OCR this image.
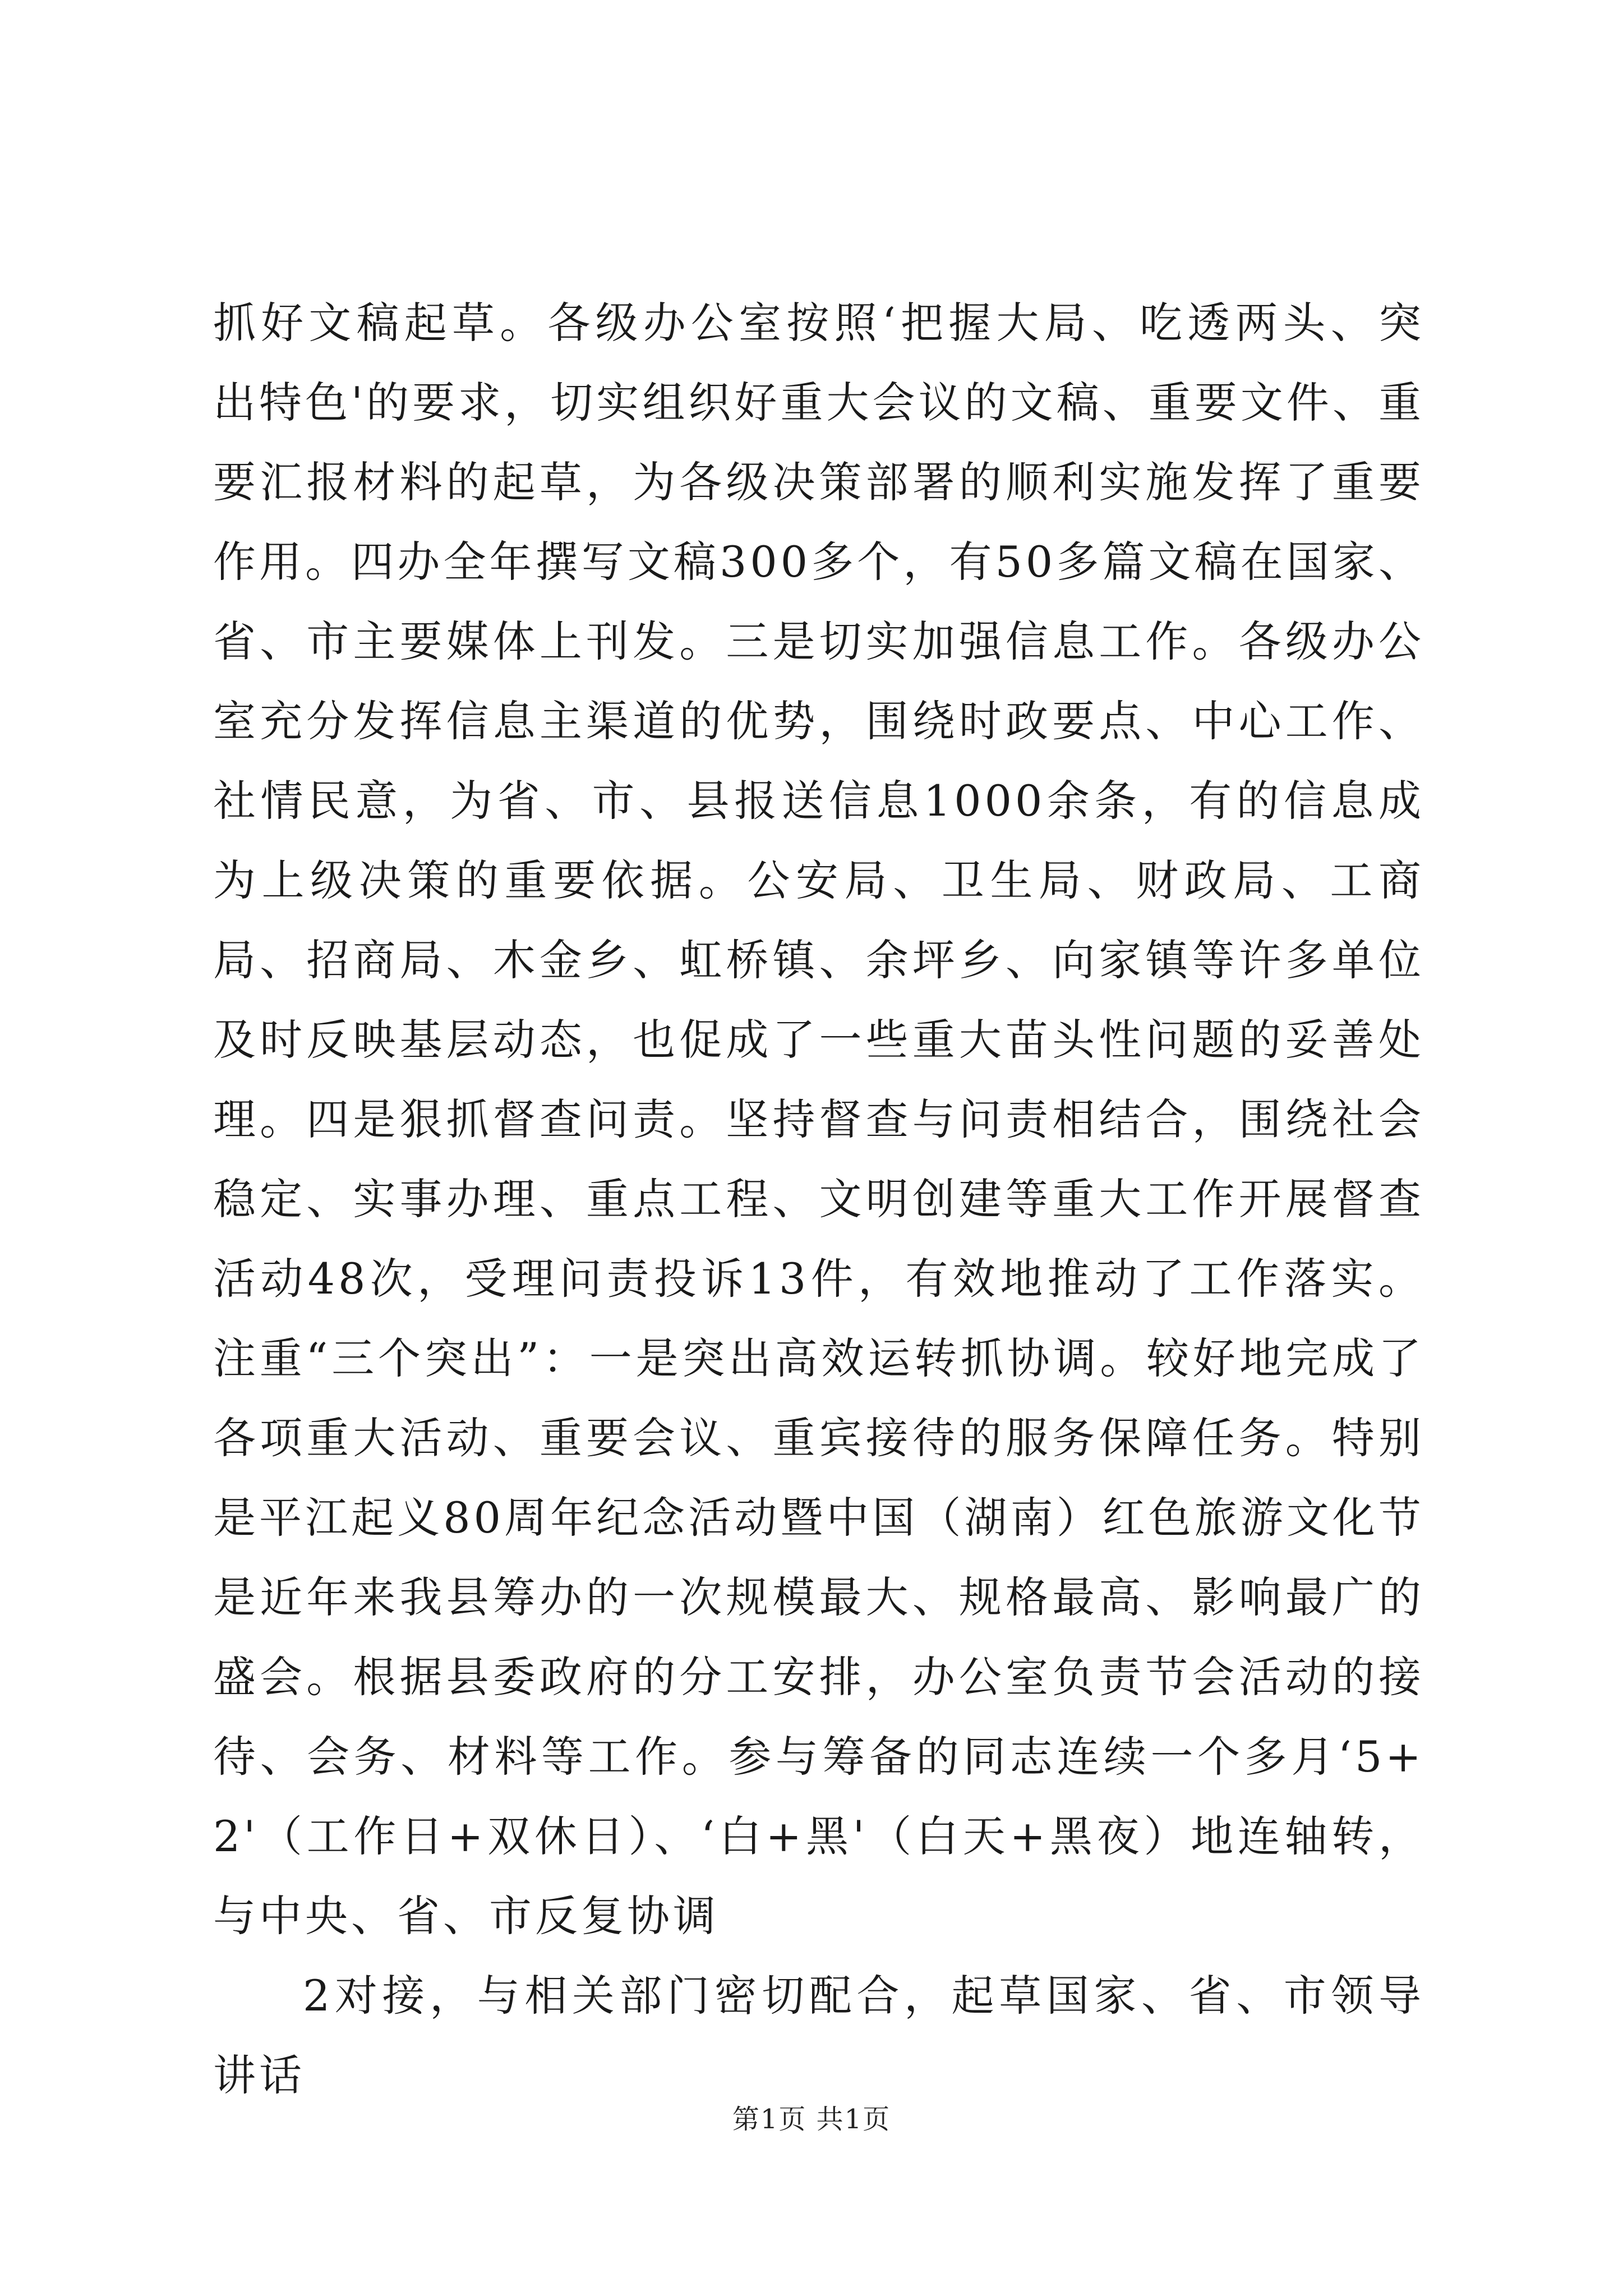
抓好文稿起草。各级办公室按照‘把握大局、吃透两头、突出特色'的要求，切实组织好重大会议的文稿、重要文件、重要汇报材料的起草，为各级决策部署的顺利实施发挥了重要作用。四办全年撰写文稿300多个，有50多篇文稿在国家、省、市主要媒体上刊发。三是切实加强信息工作。各级办公室充分发挥信息主渠道的优势，围绕时政要点、中心工作、社情民意，为省、市、县报送信息1000余条，有的信息成为上级决策的重要依据。公安局、卫生局、财政局、工商局、招商局、木金乡、虹桥镇、余坪乡、向家镇等许多单位及时反映基层动态，也促成了一些重大苗头性问题的妥善处理。四是狠抓督查问责。坚持督查与问责相结合，围绕社会稳定、实事办理、重点工程、文明创建等重大工作开展督查活动48次，受理问责投诉13件，有效地推动了工作落实。注重“三个突出”：一是突出高效运转抓协调。较好地完成了各项重大活动、重要会议、重宾接待的服务保障任务。特别是平江起义80周年纪念活动暨中国（湖南）红色旅游文化节是近年来我县筹办的一次规模最大、规格最高、影响最广的盛会。根据县委政府的分工安排，办公室负责节会活动的接待、会务、材料等工作。参与筹备的同志连续一个多月‘5+2'（工作日+双休日）、‘白+黑'（白天+黑夜）地连轴转，与中央、省、市反复协调

2对接，与相关部门密切配合，起草国家、省、市领导讲话

第1页 共1页
